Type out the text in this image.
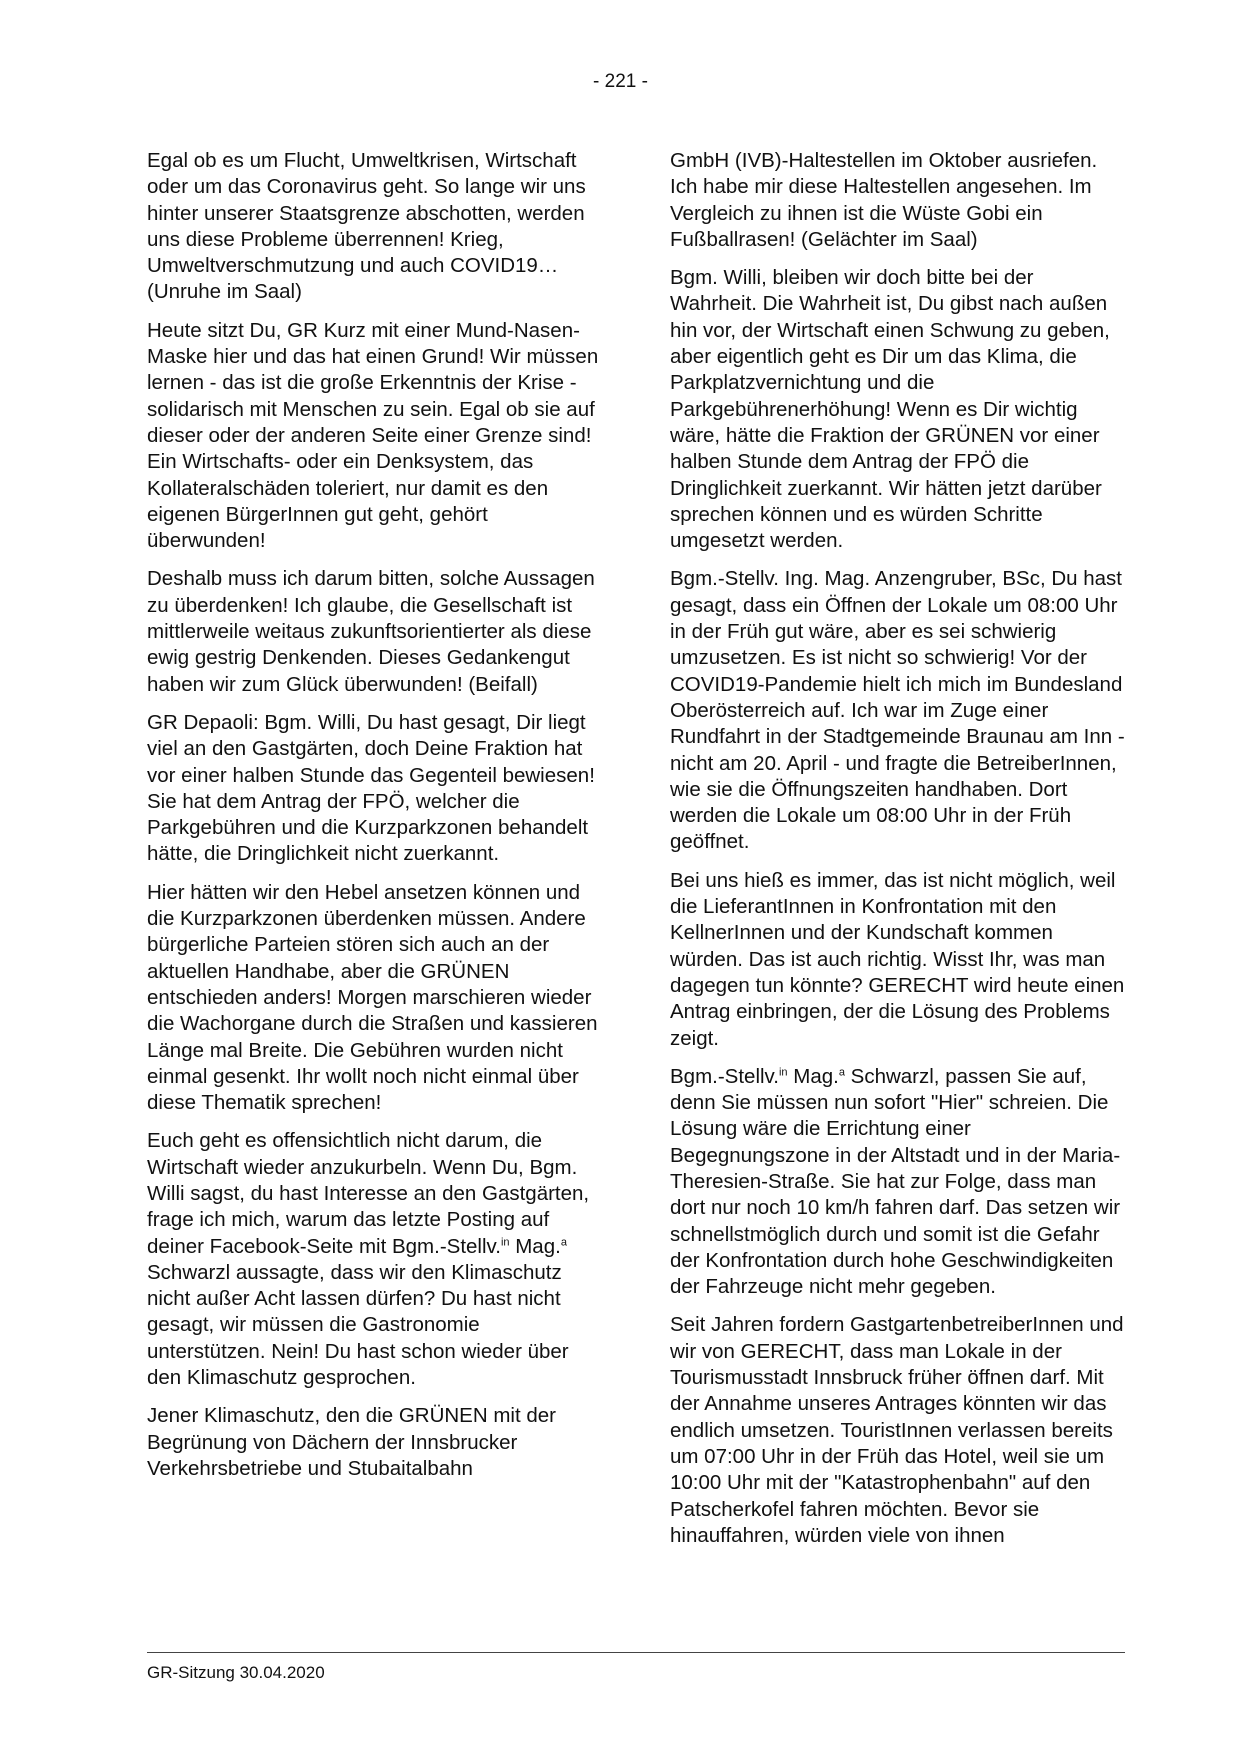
- 221 -

Egal ob es um Flucht, Umweltkrisen, Wirtschaft oder um das Coronavirus geht. So lange wir uns hinter unserer Staatsgrenze abschotten, werden uns diese Probleme überrennen! Krieg, Umweltverschmutzung und auch COVID19… (Unruhe im Saal)

Heute sitzt Du, GR Kurz mit einer Mund-Nasen-Maske hier und das hat einen Grund! Wir müssen lernen - das ist die große Erkenntnis der Krise - solidarisch mit Menschen zu sein. Egal ob sie auf dieser oder der anderen Seite einer Grenze sind! Ein Wirtschafts- oder ein Denksystem, das Kollateralschäden toleriert, nur damit es den eigenen BürgerInnen gut geht, gehört überwunden!

Deshalb muss ich darum bitten, solche Aussagen zu überdenken! Ich glaube, die Gesellschaft ist mittlerweile weitaus zukunftsorientierter als diese ewig gestrig Denkenden. Dieses Gedankengut haben wir zum Glück überwunden! (Beifall)

GR Depaoli: Bgm. Willi, Du hast gesagt, Dir liegt viel an den Gastgärten, doch Deine Fraktion hat vor einer halben Stunde das Gegenteil bewiesen! Sie hat dem Antrag der FPÖ, welcher die Parkgebühren und die Kurzparkzonen behandelt hätte, die Dringlichkeit nicht zuerkannt.

Hier hätten wir den Hebel ansetzen können und die Kurzparkzonen überdenken müssen. Andere bürgerliche Parteien stören sich auch an der aktuellen Handhabe, aber die GRÜNEN entschieden anders! Morgen marschieren wieder die Wachorgane durch die Straßen und kassieren Länge mal Breite. Die Gebühren wurden nicht einmal gesenkt. Ihr wollt noch nicht einmal über diese Thematik sprechen!

Euch geht es offensichtlich nicht darum, die Wirtschaft wieder anzukurbeln. Wenn Du, Bgm. Willi sagst, du hast Interesse an den Gastgärten, frage ich mich, warum das letzte Posting auf deiner Facebook-Seite mit Bgm.-Stellv.$^{in}$ Mag.$^a$ Schwarzl aussagte, dass wir den Klimaschutz nicht außer Acht lassen dürfen? Du hast nicht gesagt, wir müssen die Gastronomie unterstützen. Nein! Du hast schon wieder über den Klimaschutz gesprochen.

Jener Klimaschutz, den die GRÜNEN mit der Begrünung von Dächern der Innsbrucker Verkehrsbetriebe und Stubaitalbahn

GmbH (IVB)-Haltestellen im Oktober ausriefen. Ich habe mir diese Haltestellen angesehen. Im Vergleich zu ihnen ist die Wüste Gobi ein Fußballrasen! (Gelächter im Saal)

Bgm. Willi, bleiben wir doch bitte bei der Wahrheit. Die Wahrheit ist, Du gibst nach außen hin vor, der Wirtschaft einen Schwung zu geben, aber eigentlich geht es Dir um das Klima, die Parkplatzvernichtung und die Parkgebührenerhöhung! Wenn es Dir wichtig wäre, hätte die Fraktion der GRÜNEN vor einer halben Stunde dem Antrag der FPÖ die Dringlichkeit zuerkannt. Wir hätten jetzt darüber sprechen können und es würden Schritte umgesetzt werden.

Bgm.-Stellv. Ing. Mag. Anzengruber, BSc, Du hast gesagt, dass ein Öffnen der Lokale um 08:00 Uhr in der Früh gut wäre, aber es sei schwierig umzusetzen. Es ist nicht so schwierig! Vor der COVID19-Pandemie hielt ich mich im Bundesland Oberösterreich auf. Ich war im Zuge einer Rundfahrt in der Stadtgemeinde Braunau am Inn - nicht am 20. April - und fragte die BetreiberInnen, wie sie die Öffnungszeiten handhaben. Dort werden die Lokale um 08:00 Uhr in der Früh geöffnet.

Bei uns hieß es immer, das ist nicht möglich, weil die LieferantInnen in Konfrontation mit den KellnerInnen und der Kundschaft kommen würden. Das ist auch richtig. Wisst Ihr, was man dagegen tun könnte? GERECHT wird heute einen Antrag einbringen, der die Lösung des Problems zeigt.

Bgm.-Stellv.$^{in}$ Mag.$^a$ Schwarzl, passen Sie auf, denn Sie müssen nun sofort "Hier" schreien. Die Lösung wäre die Errichtung einer Begegnungszone in der Altstadt und in der Maria-Theresien-Straße. Sie hat zur Folge, dass man dort nur noch 10 km/h fahren darf. Das setzen wir schnellstmöglich durch und somit ist die Gefahr der Konfrontation durch hohe Geschwindigkeiten der Fahrzeuge nicht mehr gegeben.

Seit Jahren fordern GastgartenbetreiberInnen und wir von GERECHT, dass man Lokale in der Tourismusstadt Innsbruck früher öffnen darf. Mit der Annahme unseres Antrages könnten wir das endlich umsetzen. TouristInnen verlassen bereits um 07:00 Uhr in der Früh das Hotel, weil sie um 10:00 Uhr mit der "Katastrophenbahn" auf den Patscherkofel fahren möchten. Bevor sie hinauffahren, würden viele von ihnen

GR-Sitzung 30.04.2020
